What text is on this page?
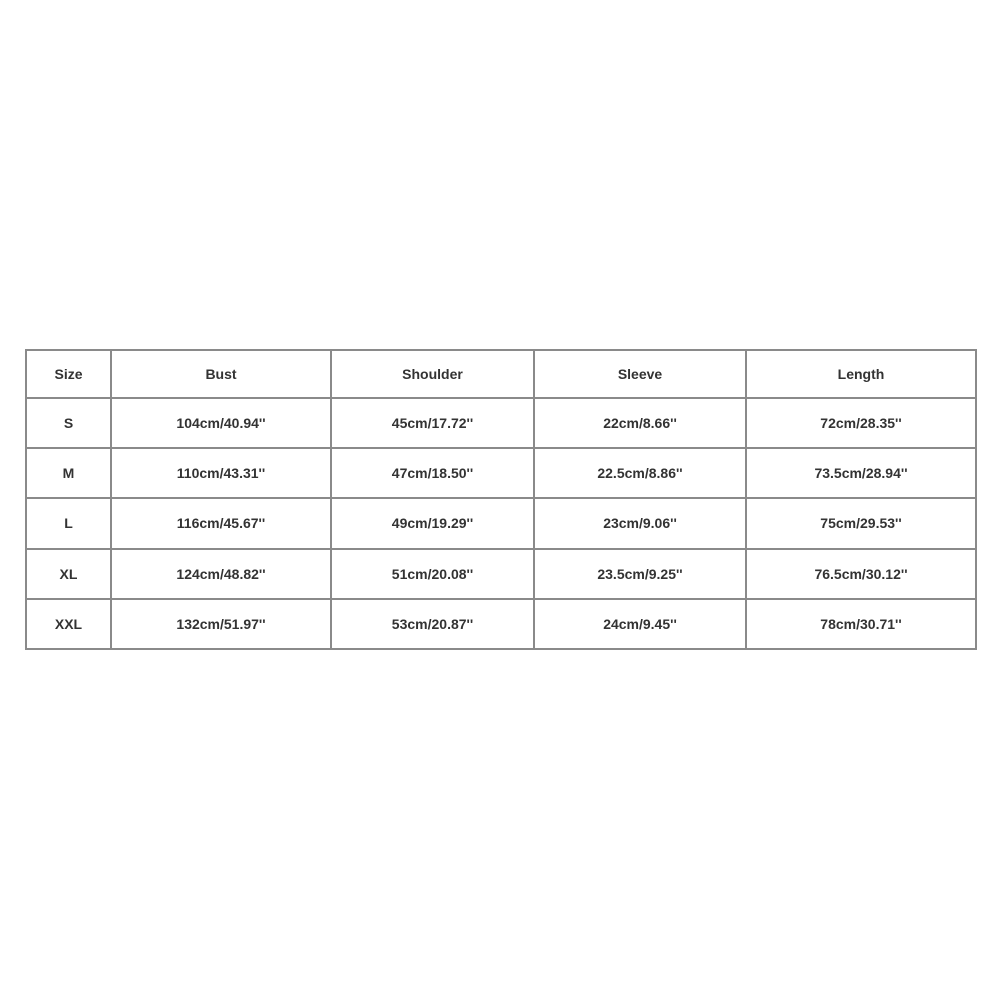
Size	Bust	Shoulder	Sleeve	Length
S	104cm/40.94''	45cm/17.72''	22cm/8.66''	72cm/28.35''
M	110cm/43.31''	47cm/18.50''	22.5cm/8.86''	73.5cm/28.94''
L	116cm/45.67''	49cm/19.29''	23cm/9.06''	75cm/29.53''
XL	124cm/48.82''	51cm/20.08''	23.5cm/9.25''	76.5cm/30.12''
XXL	132cm/51.97''	53cm/20.87''	24cm/9.45''	78cm/30.71''
